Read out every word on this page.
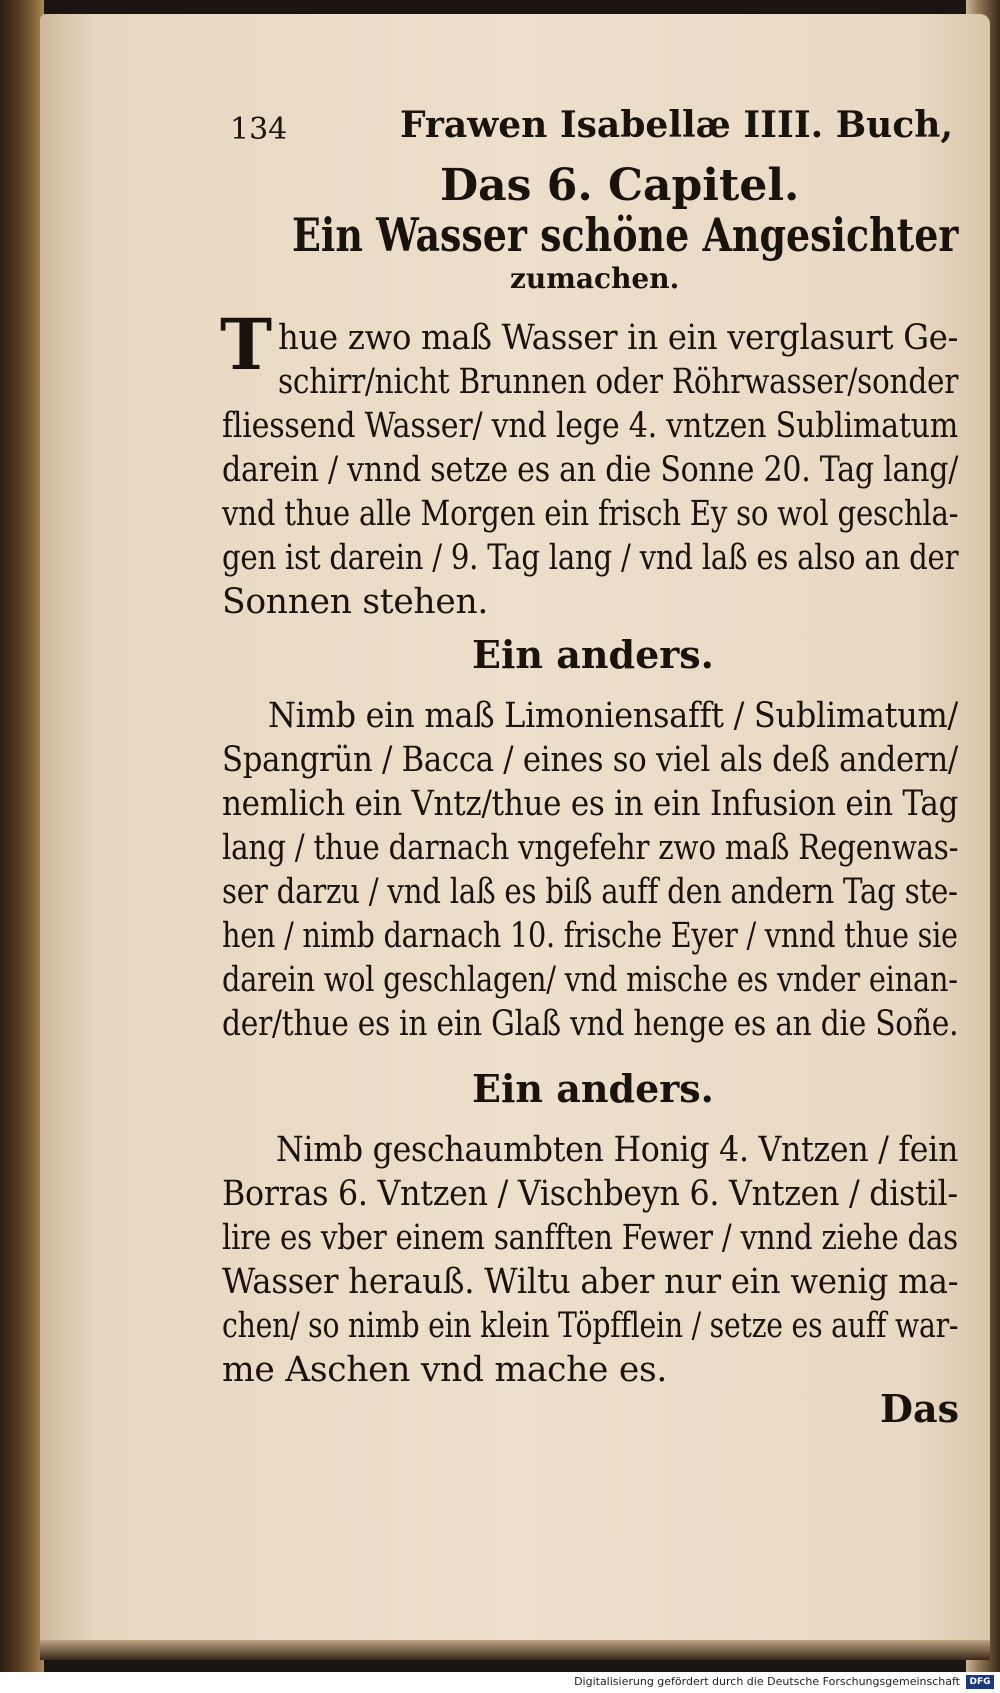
134	Frawen Isabellæ IIII. Buch,
Das 6. Capitel.
Ein Wasser schöne Angesichter
zumachen.
T hue zwo maß Wasser in ein verglasurt Ge-
schirr/nicht Brunnen oder Röhrwasser/sonder
fliessend Wasser/ vnd lege 4. vntzen Sublimatum
darein / vnnd setze es an die Sonne 20. Tag lang/
vnd thue alle Morgen ein frisch Ey so wol geschla-
gen ist darein / 9. Tag lang / vnd laß es also an der
Sonnen stehen.
Ein anders.
Nimb ein maß Limoniensafft / Sublimatum/
Spangrün / Bacca / eines so viel als deß andern/
nemlich ein Vntz/thue es in ein Infusion ein Tag
lang / thue darnach vngefehr zwo maß Regenwas-
ser darzu / vnd laß es biß auff den andern Tag ste-
hen / nimb darnach 10. frische Eyer / vnnd thue sie
darein wol geschlagen/ vnd mische es vnder einan-
der/thue es in ein Glaß vnd henge es an die Soñe.
Ein anders.
Nimb geschaumbten Honig 4. Vntzen / fein
Borras 6. Vntzen / Vischbeyn 6. Vntzen / distil-
lire es vber einem sanfften Fewer / vnnd ziehe das
Wasser herauß. Wiltu aber nur ein wenig ma-
chen/ so nimb ein klein Töpfflein / setze es auff war-
me Aschen vnd mache es.
Das
Digitalisierung gefördert durch die Deutsche Forschungsgemeinschaft	DFG
